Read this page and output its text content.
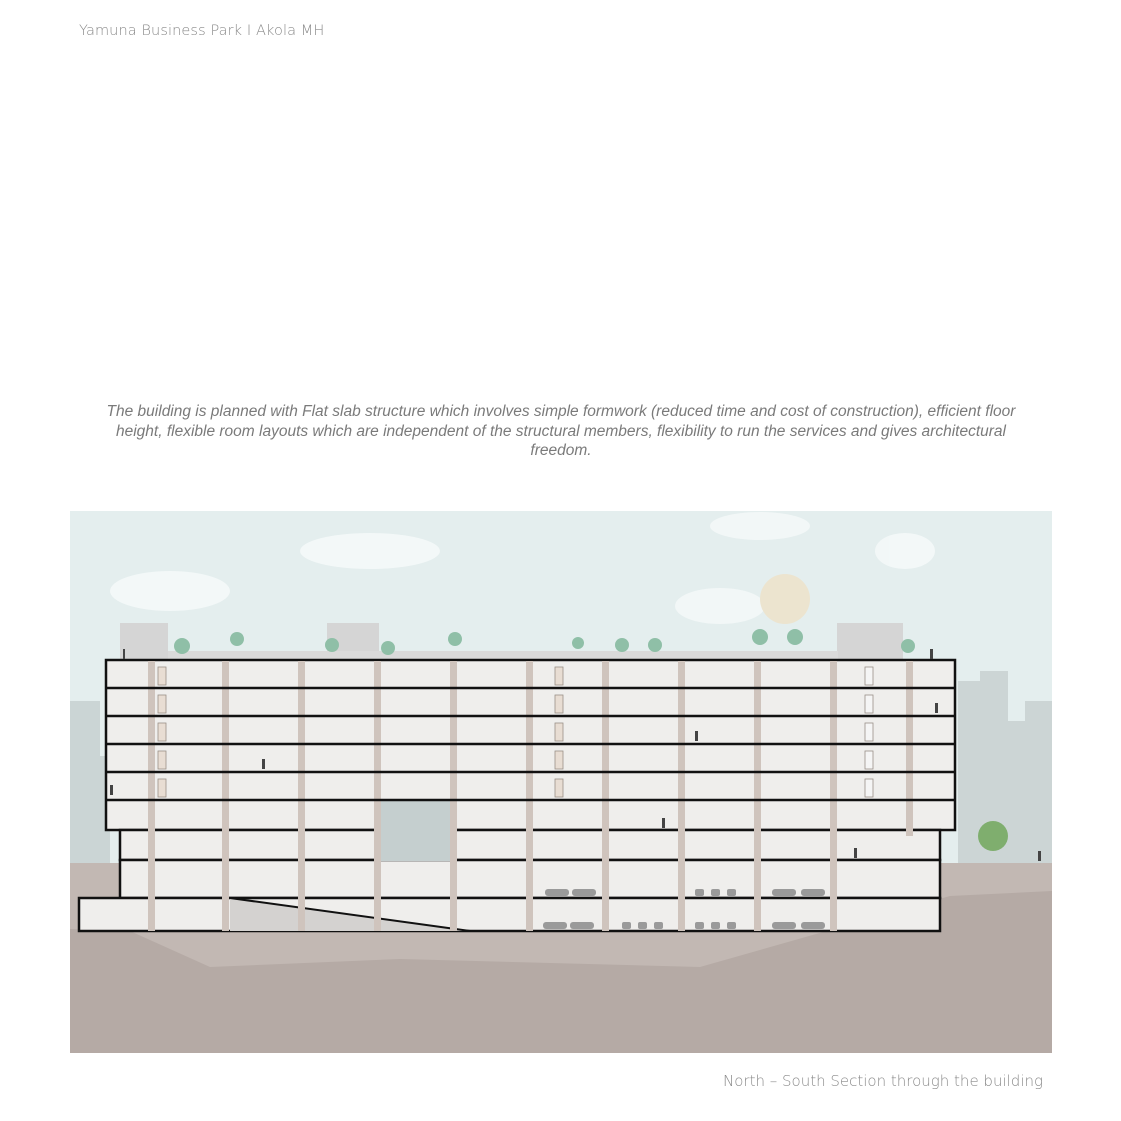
Yamuna Business Park I Akola MH
The building is planned with Flat slab structure which involves simple formwork (reduced time and cost of construction), efficient floor height, flexible room layouts which are independent of the structural members, flexibility to run the services and gives architectural freedom.
North – South Section through the building
